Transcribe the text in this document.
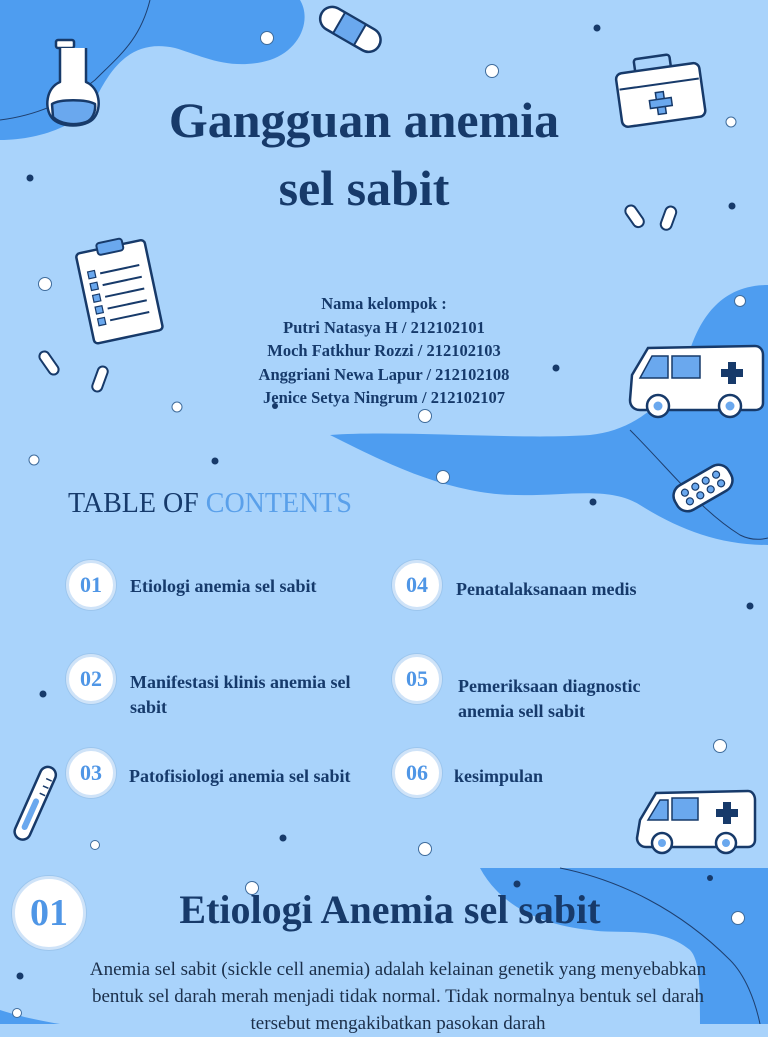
Gangguan anemia
sel sabit
Nama kelompok :
Putri Natasya H / 212102101
Moch Fatkhur Rozzi / 212102103
Anggriani Newa Lapur / 212102108
Jenice Setya Ningrum / 212102107
TABLE OF CONTENTS
01	Etiologi anemia sel sabit
02	Manifestasi klinis anemia sel sabit
03	Patofisiologi anemia sel sabit
04	Penatalaksanaan medis
05	Pemeriksaan diagnostic anemia sell sabit
06	kesimpulan
01	Etiologi Anemia sel sabit

Anemia sel sabit (sickle cell anemia) adalah kelainan genetik yang menyebabkan bentuk sel darah merah menjadi tidak normal. Tidak normalnya bentuk sel darah tersebut mengakibatkan pasokan darah
